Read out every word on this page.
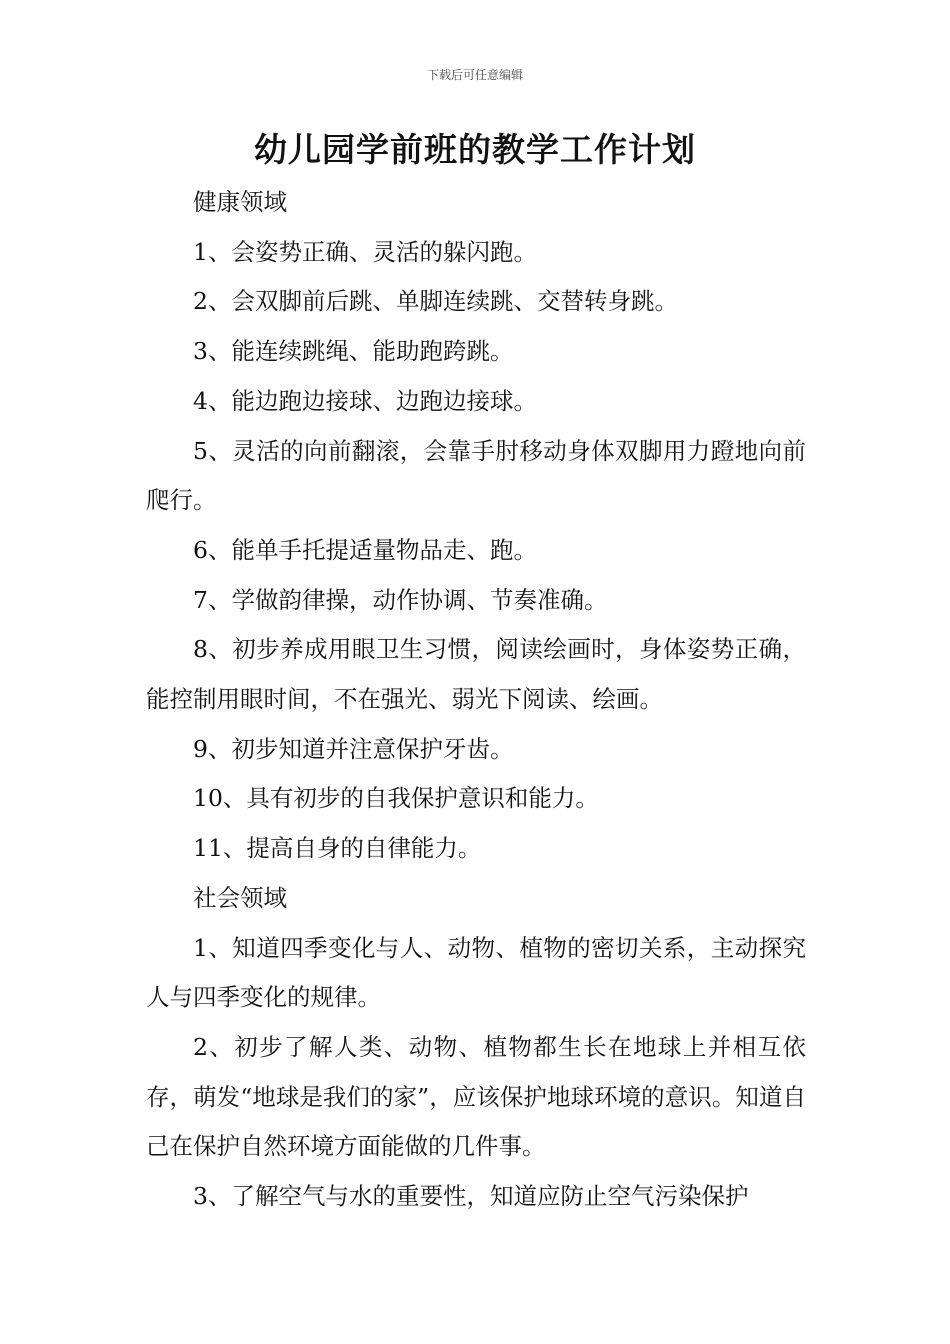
下载后可任意编辑
幼儿园学前班的教学工作计划

健康领域

1、会姿势正确、灵活的躲闪跑。

2、会双脚前后跳、单脚连续跳、交替转身跳。

3、能连续跳绳、能助跑跨跳。

4、能边跑边接球、边跑边接球。

5、灵活的向前翻滚，会靠手肘移动身体双脚用力蹬地向前爬行。

6、能单手托提适量物品走、跑。

7、学做韵律操，动作协调、节奏准确。

8、初步养成用眼卫生习惯，阅读绘画时，身体姿势正确，能控制用眼时间，不在强光、弱光下阅读、绘画。

9、初步知道并注意保护牙齿。

10、具有初步的自我保护意识和能力。

11、提高自身的自律能力。

社会领域

1、知道四季变化与人、动物、植物的密切关系，主动探究人与四季变化的规律。

2、初步了解人类、动物、植物都生长在地球上并相互依存，萌发“地球是我们的家”，应该保护地球环境的意识。知道自己在保护自然环境方面能做的几件事。

3、了解空气与水的重要性，知道应防止空气污染保护
